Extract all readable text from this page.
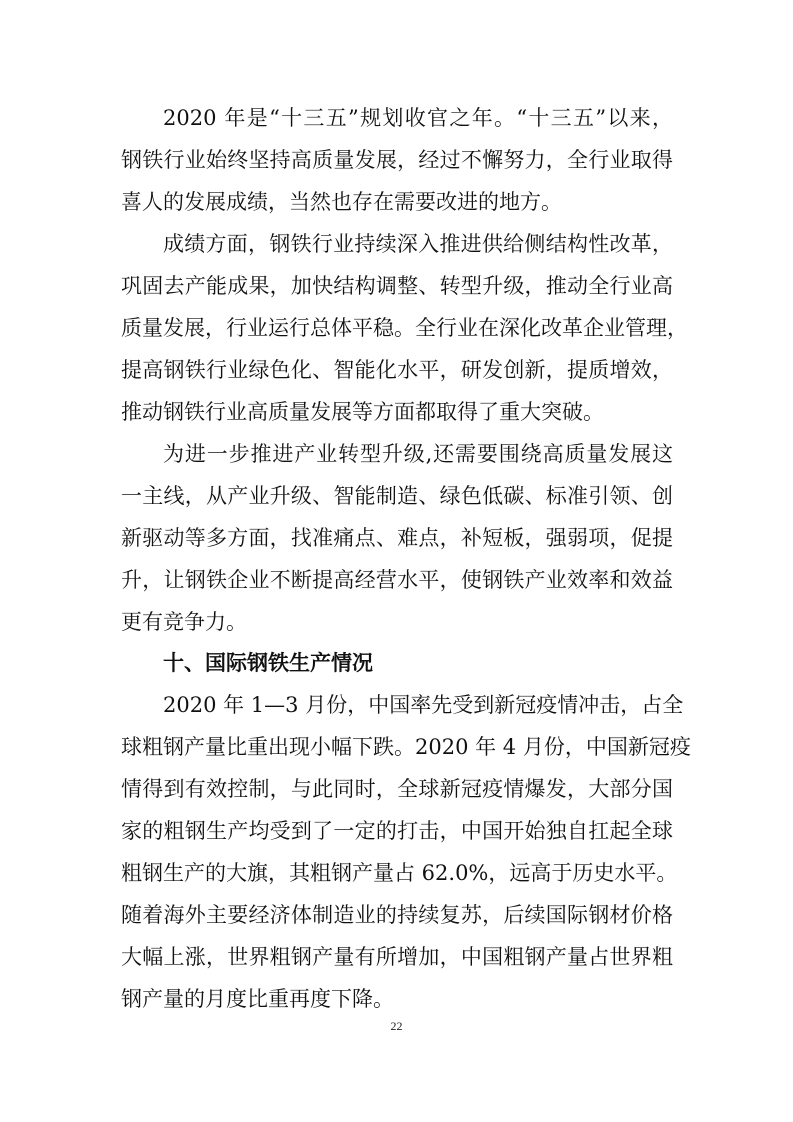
2020 年是“十三五”规划收官之年。“十三五”以来，
钢铁行业始终坚持高质量发展，经过不懈努力，全行业取得
喜人的发展成绩，当然也存在需要改进的地方。
成绩方面，钢铁行业持续深入推进供给侧结构性改革，
巩固去产能成果，加快结构调整、转型升级，推动全行业高
质量发展，行业运行总体平稳。全行业在深化改革企业管理，
提高钢铁行业绿色化、智能化水平，研发创新，提质增效，
推动钢铁行业高质量发展等方面都取得了重大突破。
为进一步推进产业转型升级,还需要围绕高质量发展这
一主线，从产业升级、智能制造、绿色低碳、标准引领、创
新驱动等多方面，找准痛点、难点，补短板，强弱项，促提
升，让钢铁企业不断提高经营水平，使钢铁产业效率和效益
更有竞争力。
十、国际钢铁生产情况
2020 年 1—3 月份，中国率先受到新冠疫情冲击，占全
球粗钢产量比重出现小幅下跌。2020 年 4 月份，中国新冠疫
情得到有效控制，与此同时，全球新冠疫情爆发，大部分国
家的粗钢生产均受到了一定的打击，中国开始独自扛起全球
粗钢生产的大旗，其粗钢产量占 62.0%，远高于历史水平。
随着海外主要经济体制造业的持续复苏，后续国际钢材价格
大幅上涨，世界粗钢产量有所增加，中国粗钢产量占世界粗
钢产量的月度比重再度下降。
22
